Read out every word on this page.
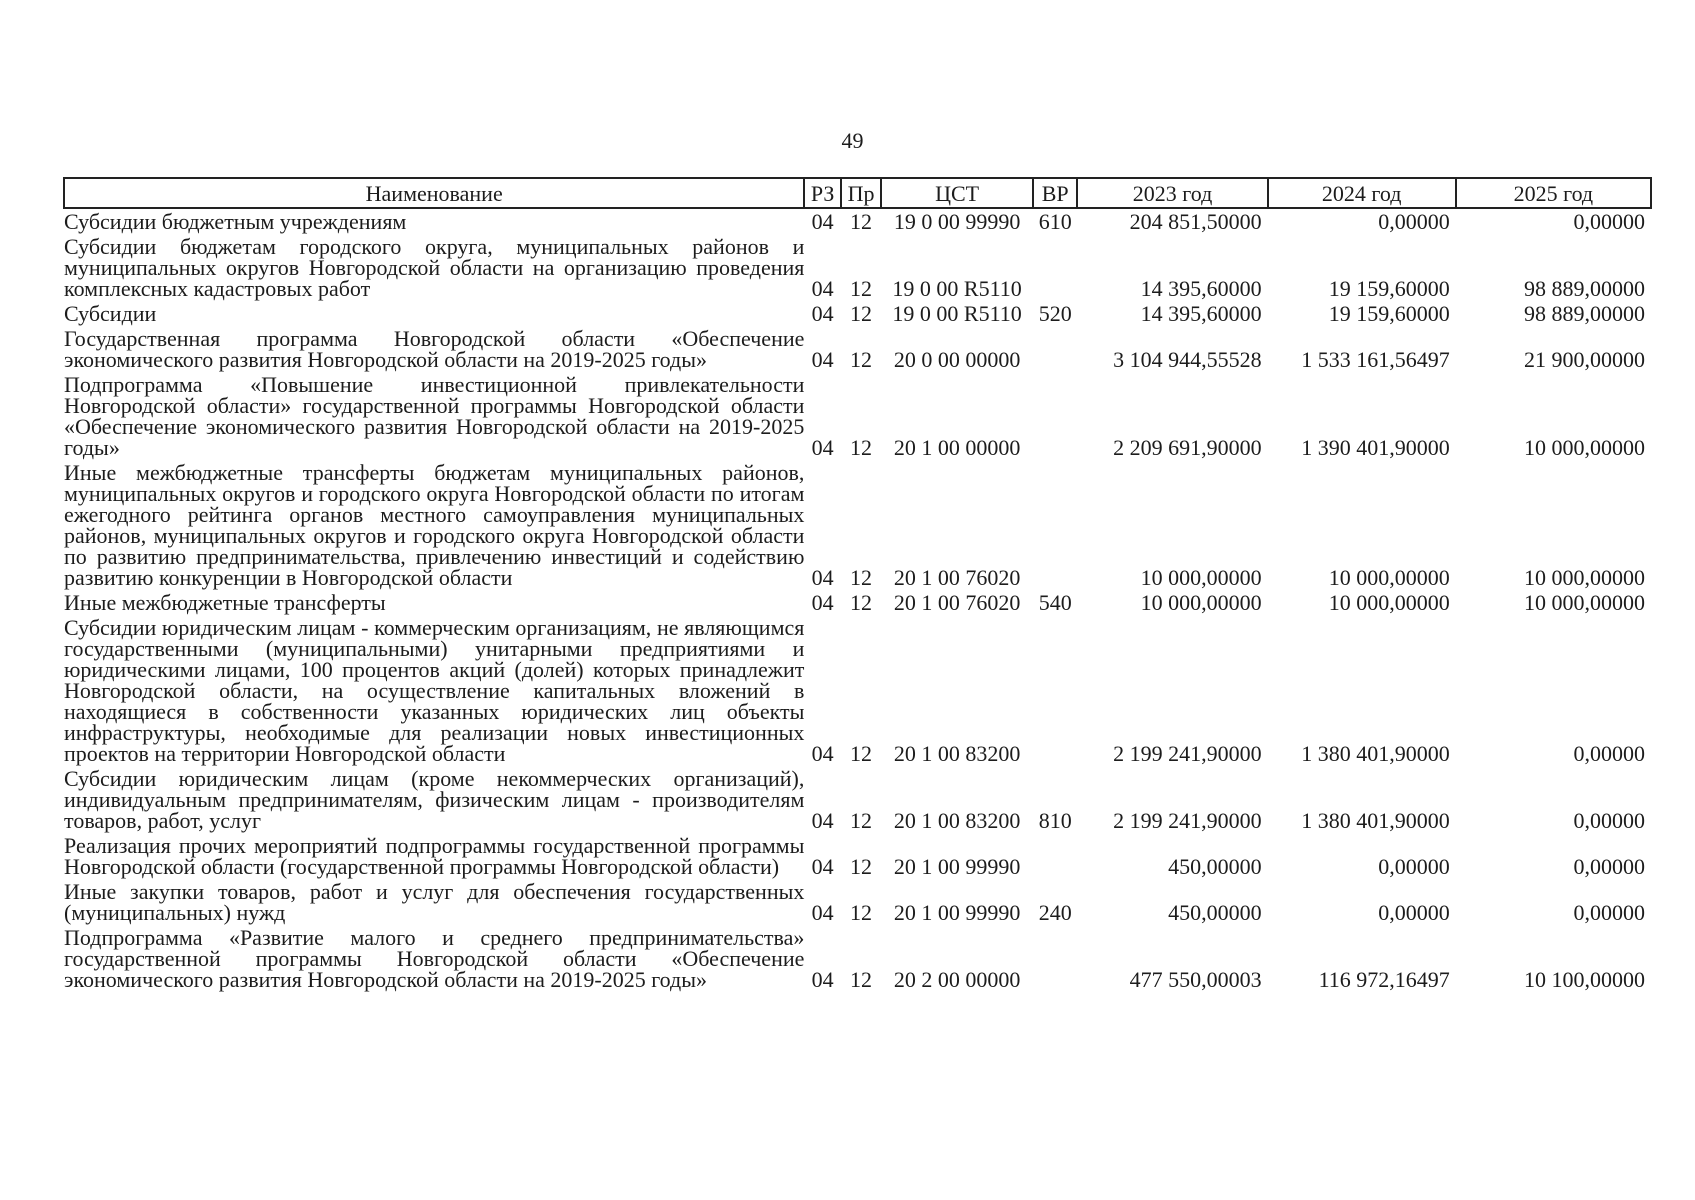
49
Наименование	РЗ	Пр	ЦСТ	ВР	2023 год	2024 год	2025 год
Субсидии бюджетным учреждениям	04	12	19 0 00 99990	610	204 851,50000	0,00000	0,00000
Субсидии бюджетам городского округа, муниципальных районов и муниципальных округов Новгородской области на организацию проведения комплексных кадастровых работ	04	12	19 0 00 R5110		14 395,60000	19 159,60000	98 889,00000
Субсидии	04	12	19 0 00 R5110	520	14 395,60000	19 159,60000	98 889,00000
Государственная программа Новгородской области «Обеспечение экономического развития Новгородской области на 2019-2025 годы»	04	12	20 0 00 00000		3 104 944,55528	1 533 161,56497	21 900,00000
Подпрограмма «Повышение инвестиционной привлекательности Новгородской области» государственной программы Новгородской области «Обеспечение экономического развития Новгородской области на 2019-2025 годы»	04	12	20 1 00 00000		2 209 691,90000	1 390 401,90000	10 000,00000
Иные межбюджетные трансферты бюджетам муниципальных районов, муниципальных округов и городского округа Новгородской области по итогам ежегодного рейтинга органов местного самоуправления муниципальных районов, муниципальных округов и городского округа Новгородской области по развитию предпринимательства, привлечению инвестиций и содействию развитию конкуренции в Новгородской области	04	12	20 1 00 76020		10 000,00000	10 000,00000	10 000,00000
Иные межбюджетные трансферты	04	12	20 1 00 76020	540	10 000,00000	10 000,00000	10 000,00000
Субсидии юридическим лицам - коммерческим организациям, не являющимся государственными (муниципальными) унитарными предприятиями и юридическими лицами, 100 процентов акций (долей) которых принадлежит Новгородской области, на осуществление капитальных вложений в находящиеся в собственности указанных юридических лиц объекты инфраструктуры, необходимые для реализации новых инвестиционных проектов на территории Новгородской области	04	12	20 1 00 83200		2 199 241,90000	1 380 401,90000	0,00000
Субсидии юридическим лицам (кроме некоммерческих организаций), индивидуальным предпринимателям, физическим лицам - производителям товаров, работ, услуг	04	12	20 1 00 83200	810	2 199 241,90000	1 380 401,90000	0,00000
Реализация прочих мероприятий подпрограммы государственной программы Новгородской области (государственной программы Новгородской области)	04	12	20 1 00 99990		450,00000	0,00000	0,00000
Иные закупки товаров, работ и услуг для обеспечения государственных (муниципальных) нужд	04	12	20 1 00 99990	240	450,00000	0,00000	0,00000
Подпрограмма «Развитие малого и среднего предпринимательства» государственной программы Новгородской области «Обеспечение экономического развития Новгородской области на 2019-2025 годы»	04	12	20 2 00 00000		477 550,00003	116 972,16497	10 100,00000
